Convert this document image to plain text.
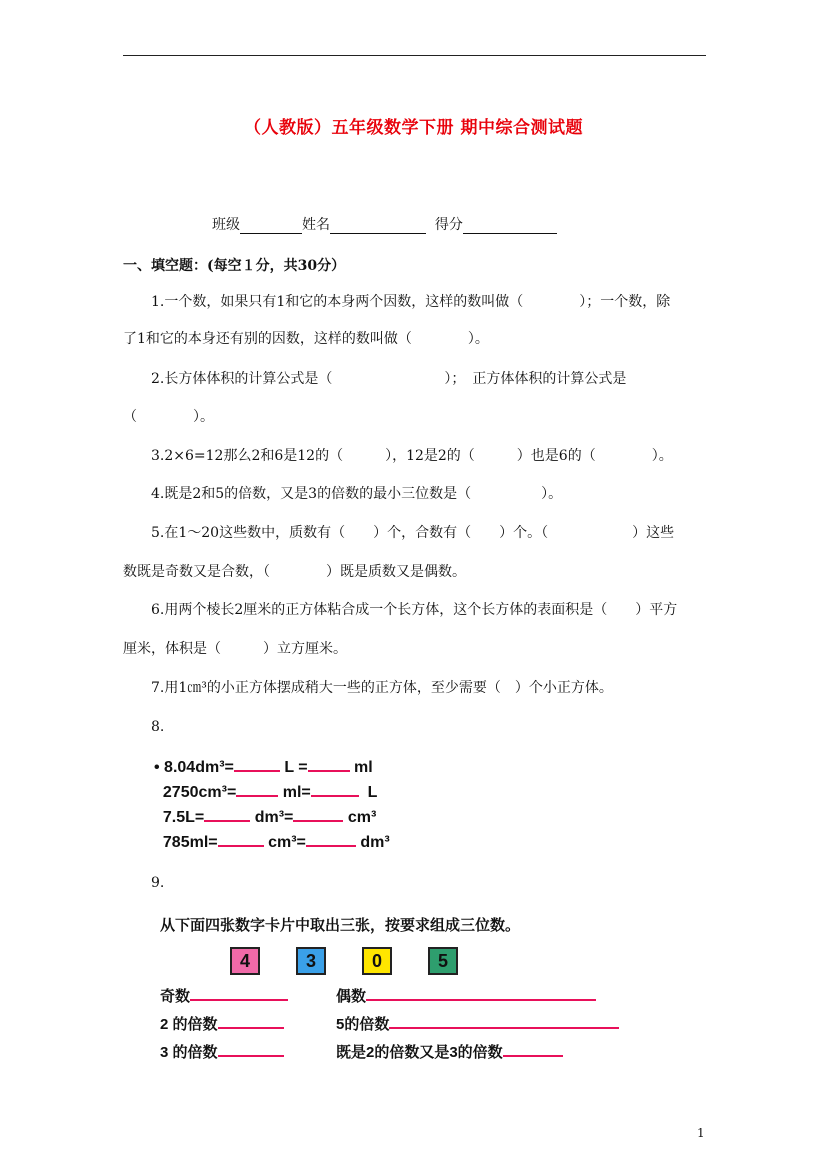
（人教版）五年级数学下册 期中综合测试题
班级	姓名	得分
一、填空题：(每空１分，共30分）

1.一个数，如果只有1和它的本身两个因数，这样的数叫做（　　　　）；一个数，除

了1和它的本身还有别的因数，这样的数叫做（　　　　）。

2.长方体体积的计算公式是（　　　　　　　　）；　正方体体积的计算公式是

（　　　　）。

3.2×6=12那么2和6是12的（　　　），12是2的（　　　）也是6的（　　　　）。

4.既是2和5的倍数，又是3的倍数的最小三位数是（　　　　　）。

5.在1～20这些数中，质数有（　　）个，合数有（　　）个。（　　　　　　）这些

数既是奇数又是合数，（　　　　）既是质数又是偶数。

6.用两个棱长2厘米的正方体粘合成一个长方体，这个长方体的表面积是（　　）平方

厘米，体积是（　　　）立方厘米。

7.用1㎝³的小正方体摆成稍大一些的正方体，至少需要（　）个小正方体。

8.

• 8.04dm³=	L =	ml
2750cm³=	ml=	L
7.5L=	dm³=	cm³
785ml=	cm³=	dm³

9.

从下面四张数字卡片中取出三张，按要求组成三位数。
4	3	0	5
奇数	偶数
2 的倍数	5的倍数
3 的倍数	既是2的倍数又是3的倍数
1
